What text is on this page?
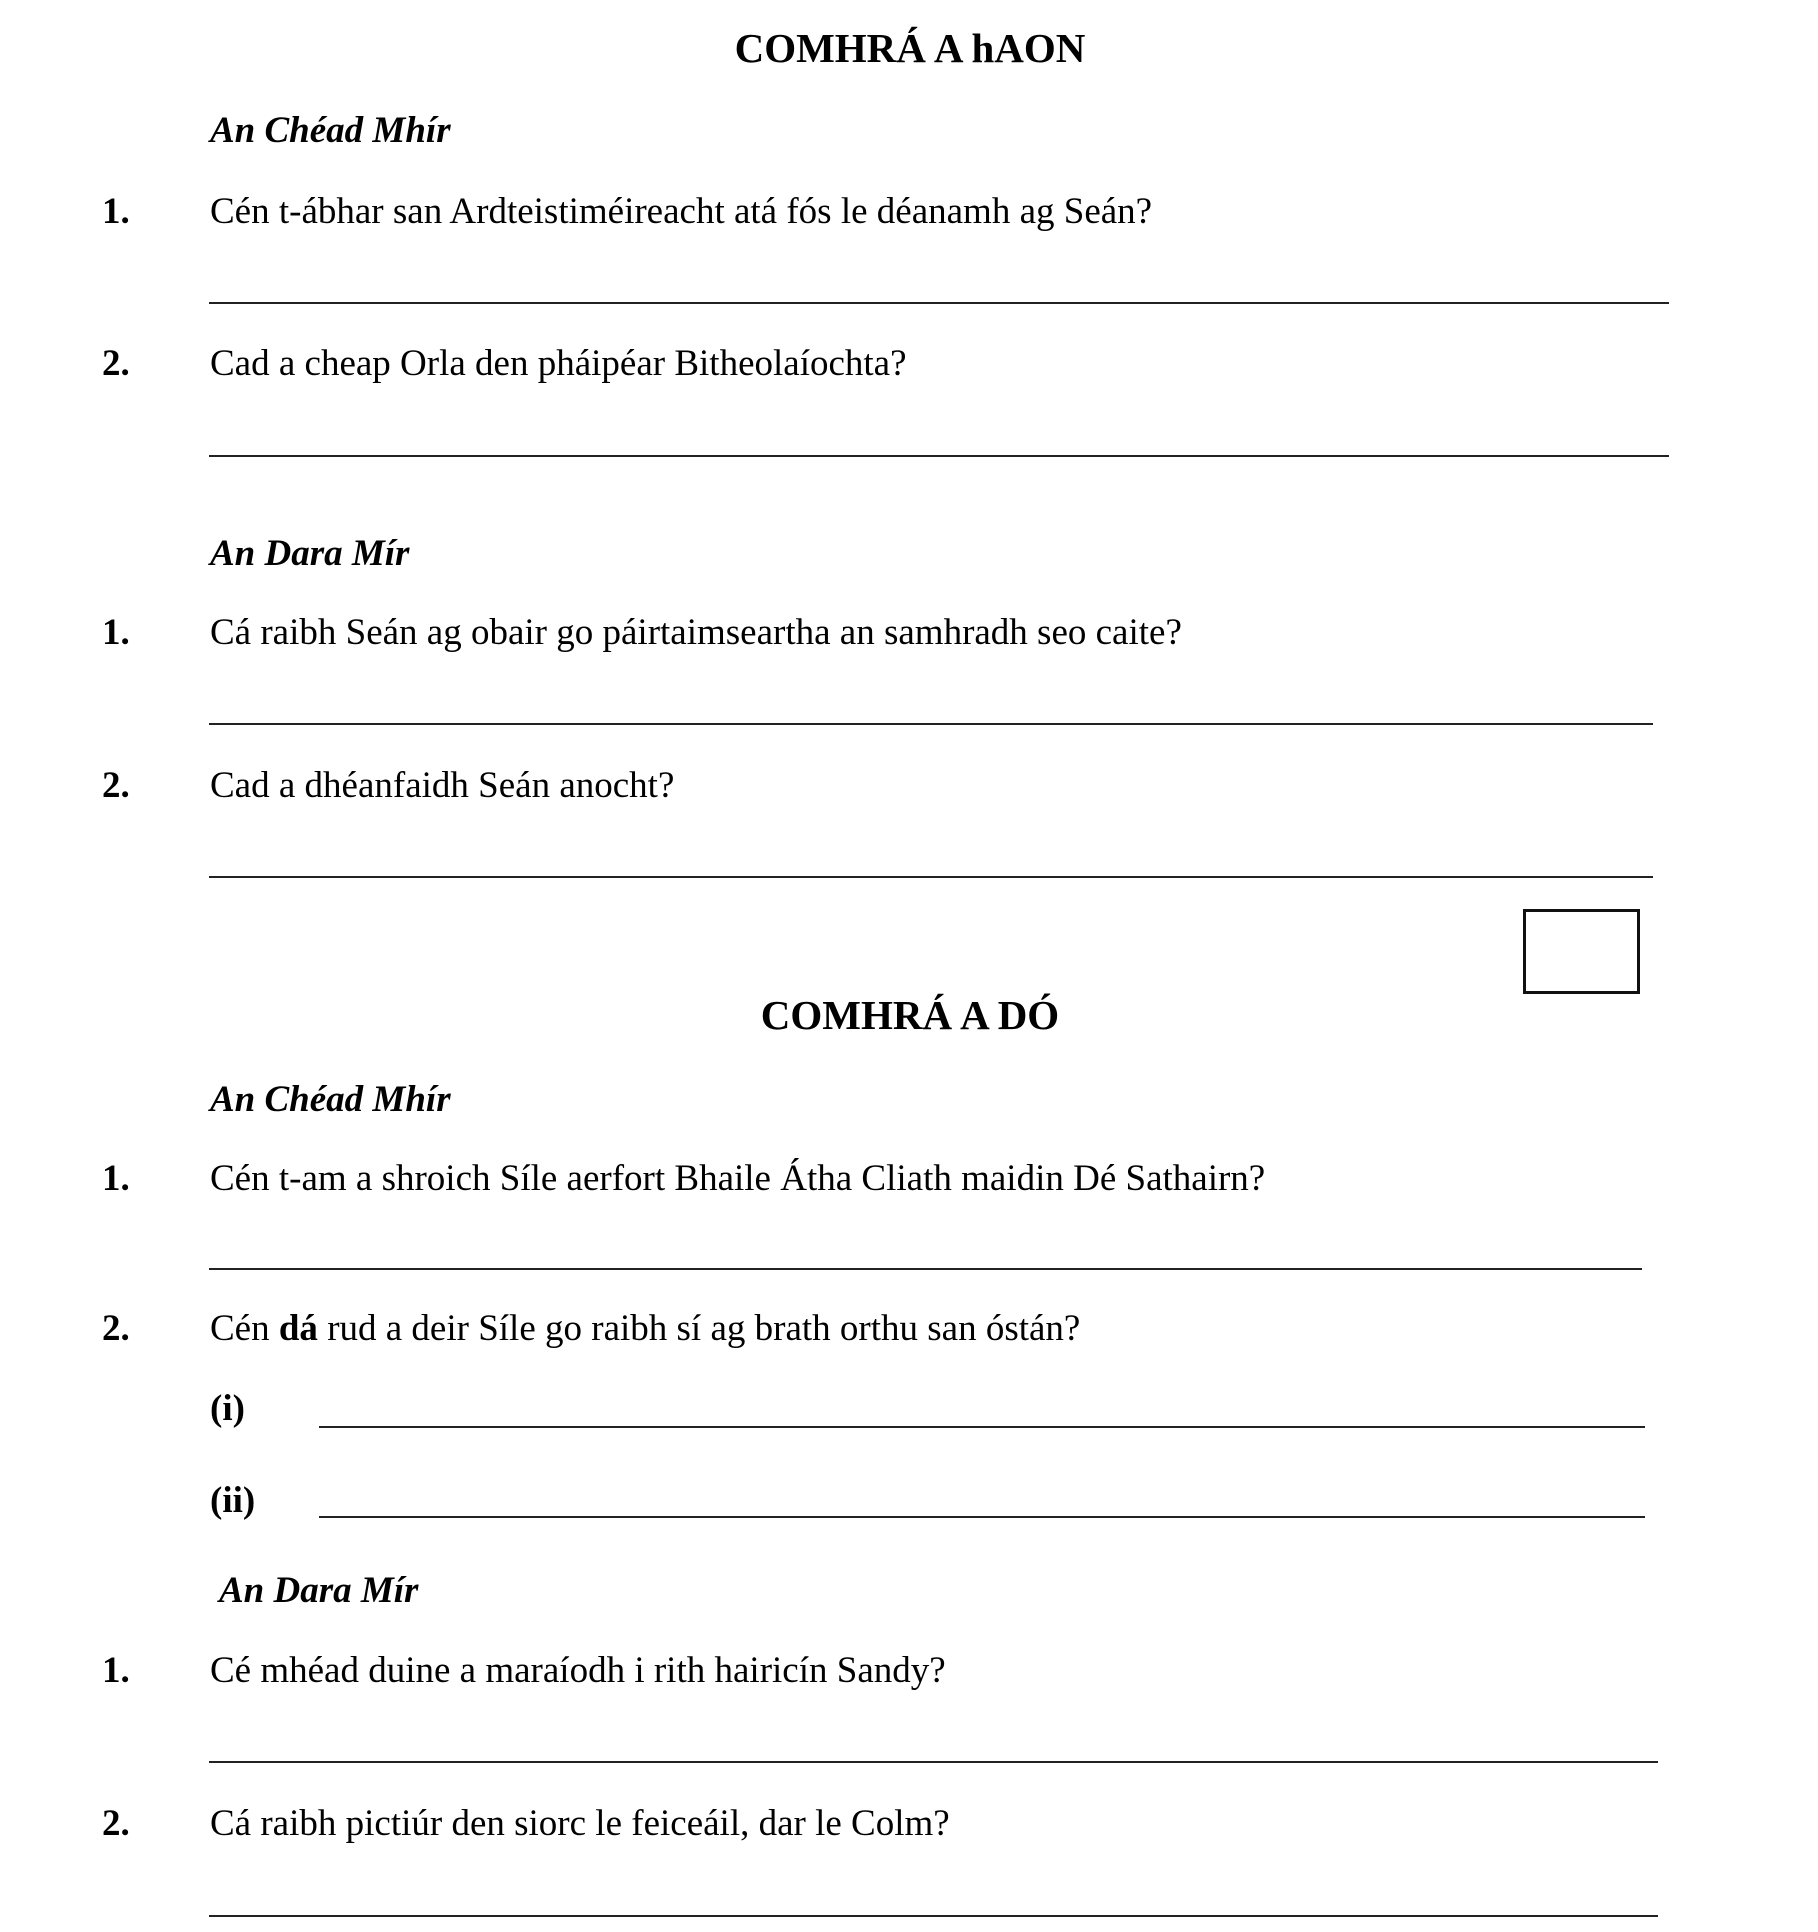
COMHRÁ A hAON
An Chéad Mhír
1. Cén t-ábhar san Ardteistiméireacht atá fós le déanamh ag Seán?
2. Cad a cheap Orla den pháipéar Bitheolaíochta?
An Dara Mír
1. Cá raibh Seán ag obair go páirtaimseartha an samhradh seo caite?
2. Cad a dhéanfaidh Seán anocht?
COMHRÁ A DÓ
An Chéad Mhír
1. Cén t-am a shroich Síle aerfort Bhaile Átha Cliath maidin Dé Sathairn?
2. Cén dá rud a deir Síle go raibh sí ag brath orthu san óstán?
(i)
(ii)
An Dara Mír
1. Cé mhéad duine a maraíodh i rith hairicín Sandy?
2. Cá raibh pictiúr den siorc le feiceáil, dar le Colm?
